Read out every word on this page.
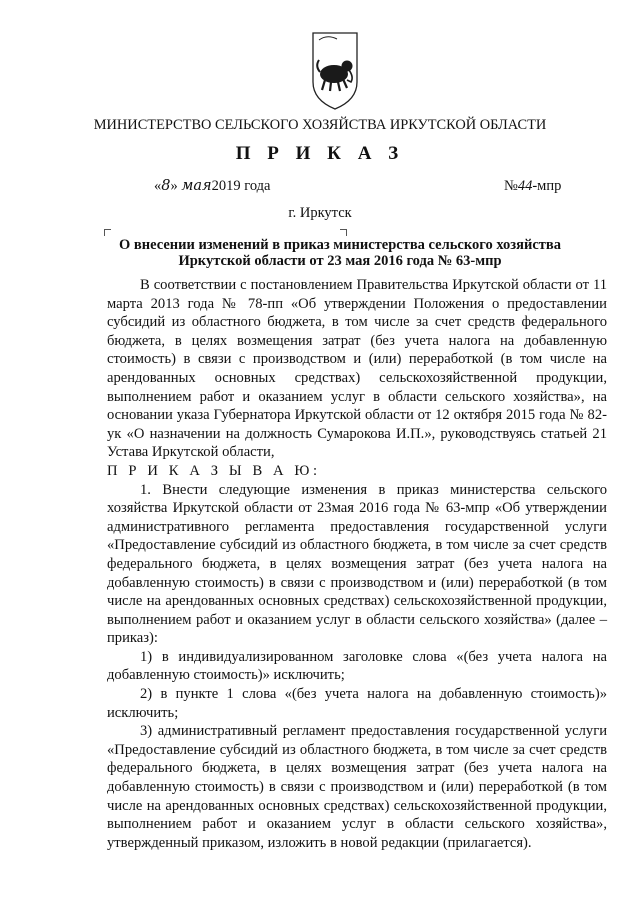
МИНИСТЕРСТВО СЕЛЬСКОГО ХОЗЯЙСТВА ИРКУТСКОЙ ОБЛАСТИ
П Р И К А З
«8» мая2019 года	№44-мпр
г. Иркутск
О внесении изменений в приказ министерства сельского хозяйства
Иркутской области от 23 мая 2016 года № 63-мпр

В соответствии с постановлением Правительства Иркутской области от 11 марта 2013 года № 78-пп «Об утверждении Положения о предоставлении субсидий из областного бюджета, в том числе за счет средств федерального бюджета, в целях возмещения затрат (без учета налога на добавленную стоимость) в связи с производством и (или) переработкой (в том числе на арендованных основных средствах) сельскохозяйственной продукции, выполнением работ и оказанием услуг в области сельского хозяйства», на основании указа Губернатора Иркутской области от 12 октября 2015 года № 82-ук «О назначении на должность Сумарокова И.П.», руководствуясь статьей 21 Устава Иркутской области,

П Р И К А З Ы В А Ю:

1. Внести следующие изменения в приказ министерства сельского хозяйства Иркутской области от 23мая 2016 года № 63-мпр «Об утверждении административного регламента предоставления государственной услуги «Предоставление субсидий из областного бюджета, в том числе за счет средств федерального бюджета, в целях возмещения затрат (без учета налога на добавленную стоимость) в связи с производством и (или) переработкой (в том числе на арендованных основных средствах) сельскохозяйственной продукции, выполнением работ и оказанием услуг в области сельского хозяйства» (далее – приказ):

1) в индивидуализированном заголовке слова «(без учета налога на добавленную стоимость)» исключить;

2) в пункте 1 слова «(без учета налога на добавленную стоимость)» исключить;

3) административный регламент предоставления государственной услуги «Предоставление субсидий из областного бюджета, в том числе за счет средств федерального бюджета, в целях возмещения затрат (без учета налога на добавленную стоимость) в связи с производством и (или) переработкой (в том числе на арендованных основных средствах) сельскохозяйственной продукции, выполнением работ и оказанием услуг в области сельского хозяйства», утвержденный приказом, изложить в новой редакции (прилагается).
